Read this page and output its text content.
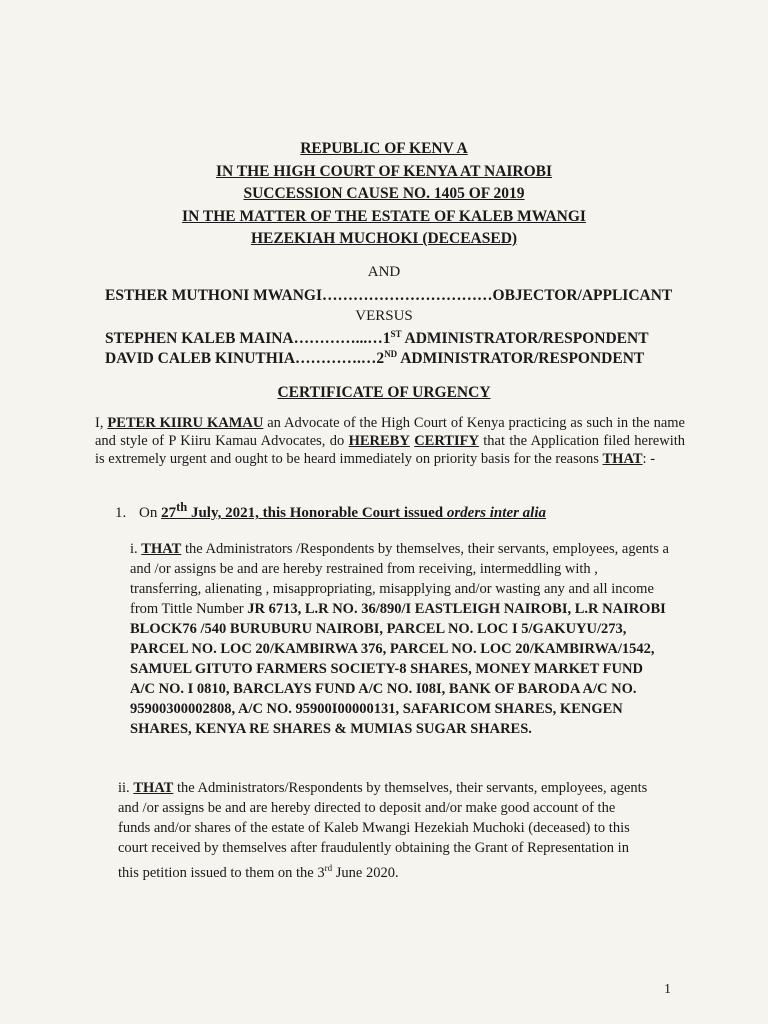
REPUBLIC OF KENV A
IN THE HIGH COURT OF KENYA AT NAIROBI
SUCCESSION CAUSE NO. 1405 OF 2019
IN THE MATTER OF THE ESTATE OF KALEB MWANGI
HEZEKIAH MUCHOKI (DECEASED)
AND
ESTHER MUTHONI MWANGI……………………………OBJECTOR/APPLICANT
VERSUS
STEPHEN KALEB MAINA…………...…1ST ADMINISTRATOR/RESPONDENT
DAVID CALEB KINUTHIA………….…2ND ADMINISTRATOR/RESPONDENT
CERTIFICATE OF URGENCY
I, PETER KIIRU KAMAU an Advocate of the High Court of Kenya practicing as such in the name and style of P Kiiru Kamau Advocates, do HEREBY CERTIFY that the Application filed herewith is extremely urgent and ought to be heard immediately on priority basis for the reasons THAT: -
1. On 27th July, 2021, this Honorable Court issued orders inter alia
i. THAT the Administrators /Respondents by themselves, their servants, employees, agents a and /or assigns be and are hereby restrained from receiving, intermeddling with , transferring, alienating , misappropriating, misapplying and/or wasting any and all income from Tittle Number JR 6713, L.R NO. 36/890/I EASTLEIGH NAIROBI, L.R NAIROBI BLOCK76 /540 BURUBURU NAIROBI, PARCEL NO. LOC I 5/GAKUYU/273, PARCEL NO. LOC 20/KAMBIRWA 376, PARCEL NO. LOC 20/KAMBIRWA/1542, SAMUEL GITUTO FARMERS SOCIETY-8 SHARES, MONEY MARKET FUND A/C NO. I 0810, BARCLAYS FUND A/C NO. I08I, BANK OF BARODA A/C NO. 95900300002808, A/C NO. 95900I00000131, SAFARICOM SHARES, KENGEN SHARES, KENYA RE SHARES & MUMIAS SUGAR SHARES.
ii. THAT the Administrators/Respondents by themselves, their servants, employees, agents and /or assigns be and are hereby directed to deposit and/or make good account of the funds and/or shares of the estate of Kaleb Mwangi Hezekiah Muchoki (deceased) to this court received by themselves after fraudulently obtaining the Grant of Representation in this petition issued to them on the 3rd June 2020.
1
